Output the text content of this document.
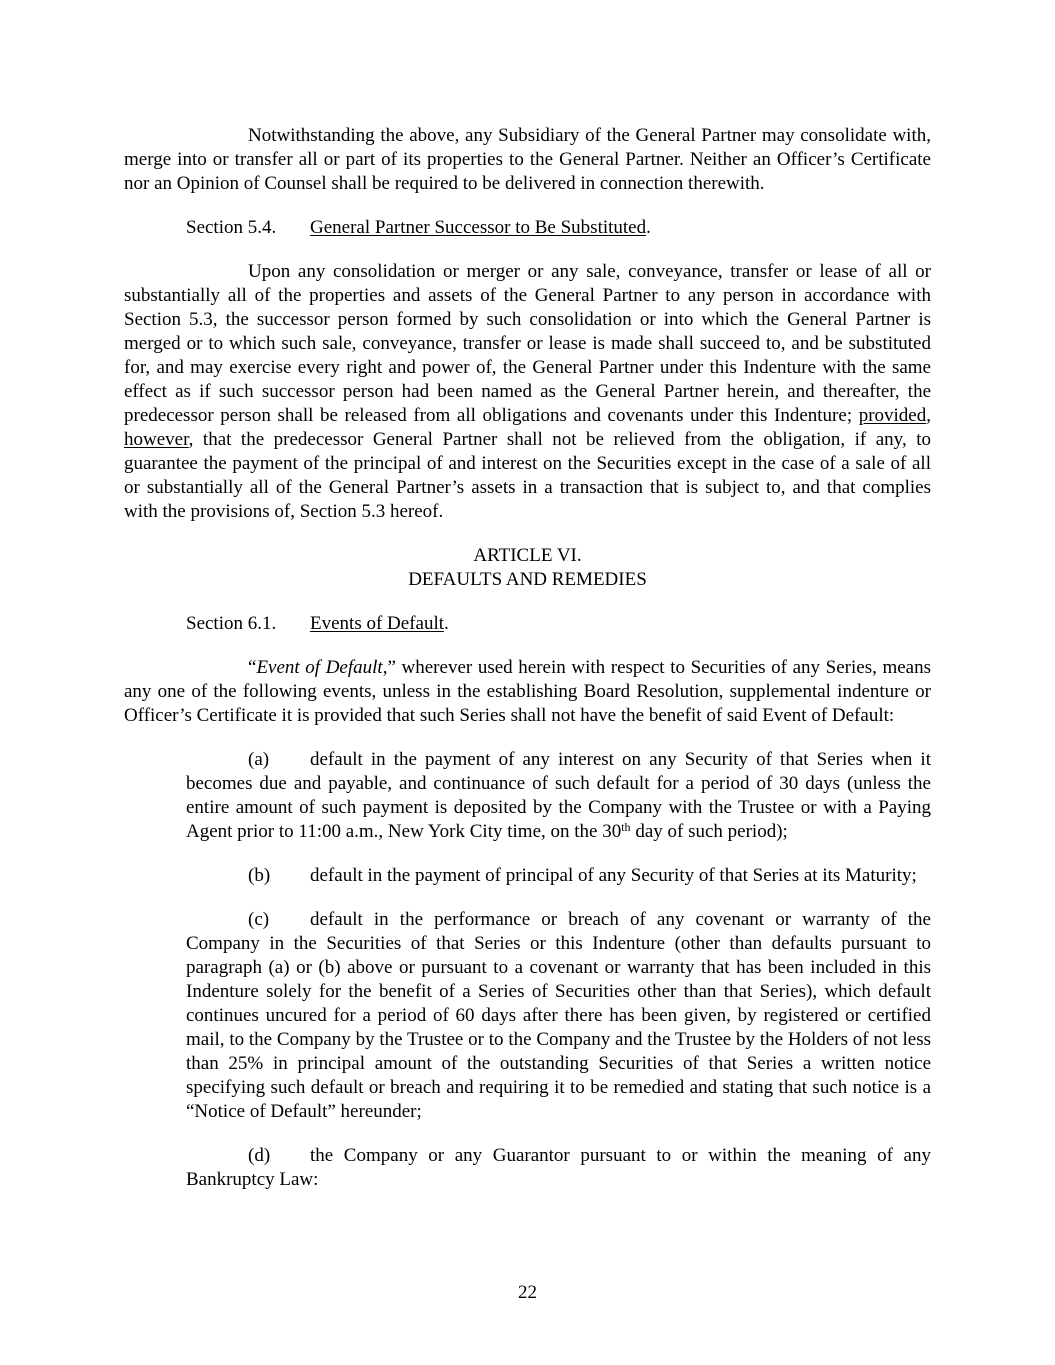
Notwithstanding the above, any Subsidiary of the General Partner may consolidate with, merge into or transfer all or part of its properties to the General Partner. Neither an Officer’s Certificate nor an Opinion of Counsel shall be required to be delivered in connection therewith.

Section 5.4. General Partner Successor to Be Substituted.

Upon any consolidation or merger or any sale, conveyance, transfer or lease of all or substantially all of the properties and assets of the General Partner to any person in accordance with Section 5.3, the successor person formed by such consolidation or into which the General Partner is merged or to which such sale, conveyance, transfer or lease is made shall succeed to, and be substituted for, and may exercise every right and power of, the General Partner under this Indenture with the same effect as if such successor person had been named as the General Partner herein, and thereafter, the predecessor person shall be released from all obligations and covenants under this Indenture; provided, however, that the predecessor General Partner shall not be relieved from the obligation, if any, to guarantee the payment of the principal of and interest on the Securities except in the case of a sale of all or substantially all of the General Partner’s assets in a transaction that is subject to, and that complies with the provisions of, Section 5.3 hereof.

ARTICLE VI.

DEFAULTS AND REMEDIES

Section 6.1. Events of Default.

“Event of Default,” wherever used herein with respect to Securities of any Series, means any one of the following events, unless in the establishing Board Resolution, supplemental indenture or Officer’s Certificate it is provided that such Series shall not have the benefit of said Event of Default:

(a) default in the payment of any interest on any Security of that Series when it becomes due and payable, and continuance of such default for a period of 30 days (unless the entire amount of such payment is deposited by the Company with the Trustee or with a Paying Agent prior to 11:00 a.m., New York City time, on the 30th day of such period);

(b) default in the payment of principal of any Security of that Series at its Maturity;

(c) default in the performance or breach of any covenant or warranty of the Company in the Securities of that Series or this Indenture (other than defaults pursuant to paragraph (a) or (b) above or pursuant to a covenant or warranty that has been included in this Indenture solely for the benefit of a Series of Securities other than that Series), which default continues uncured for a period of 60 days after there has been given, by registered or certified mail, to the Company by the Trustee or to the Company and the Trustee by the Holders of not less than 25% in principal amount of the outstanding Securities of that Series a written notice specifying such default or breach and requiring it to be remedied and stating that such notice is a “Notice of Default” hereunder;

(d) the Company or any Guarantor pursuant to or within the meaning of any Bankruptcy Law:

22
